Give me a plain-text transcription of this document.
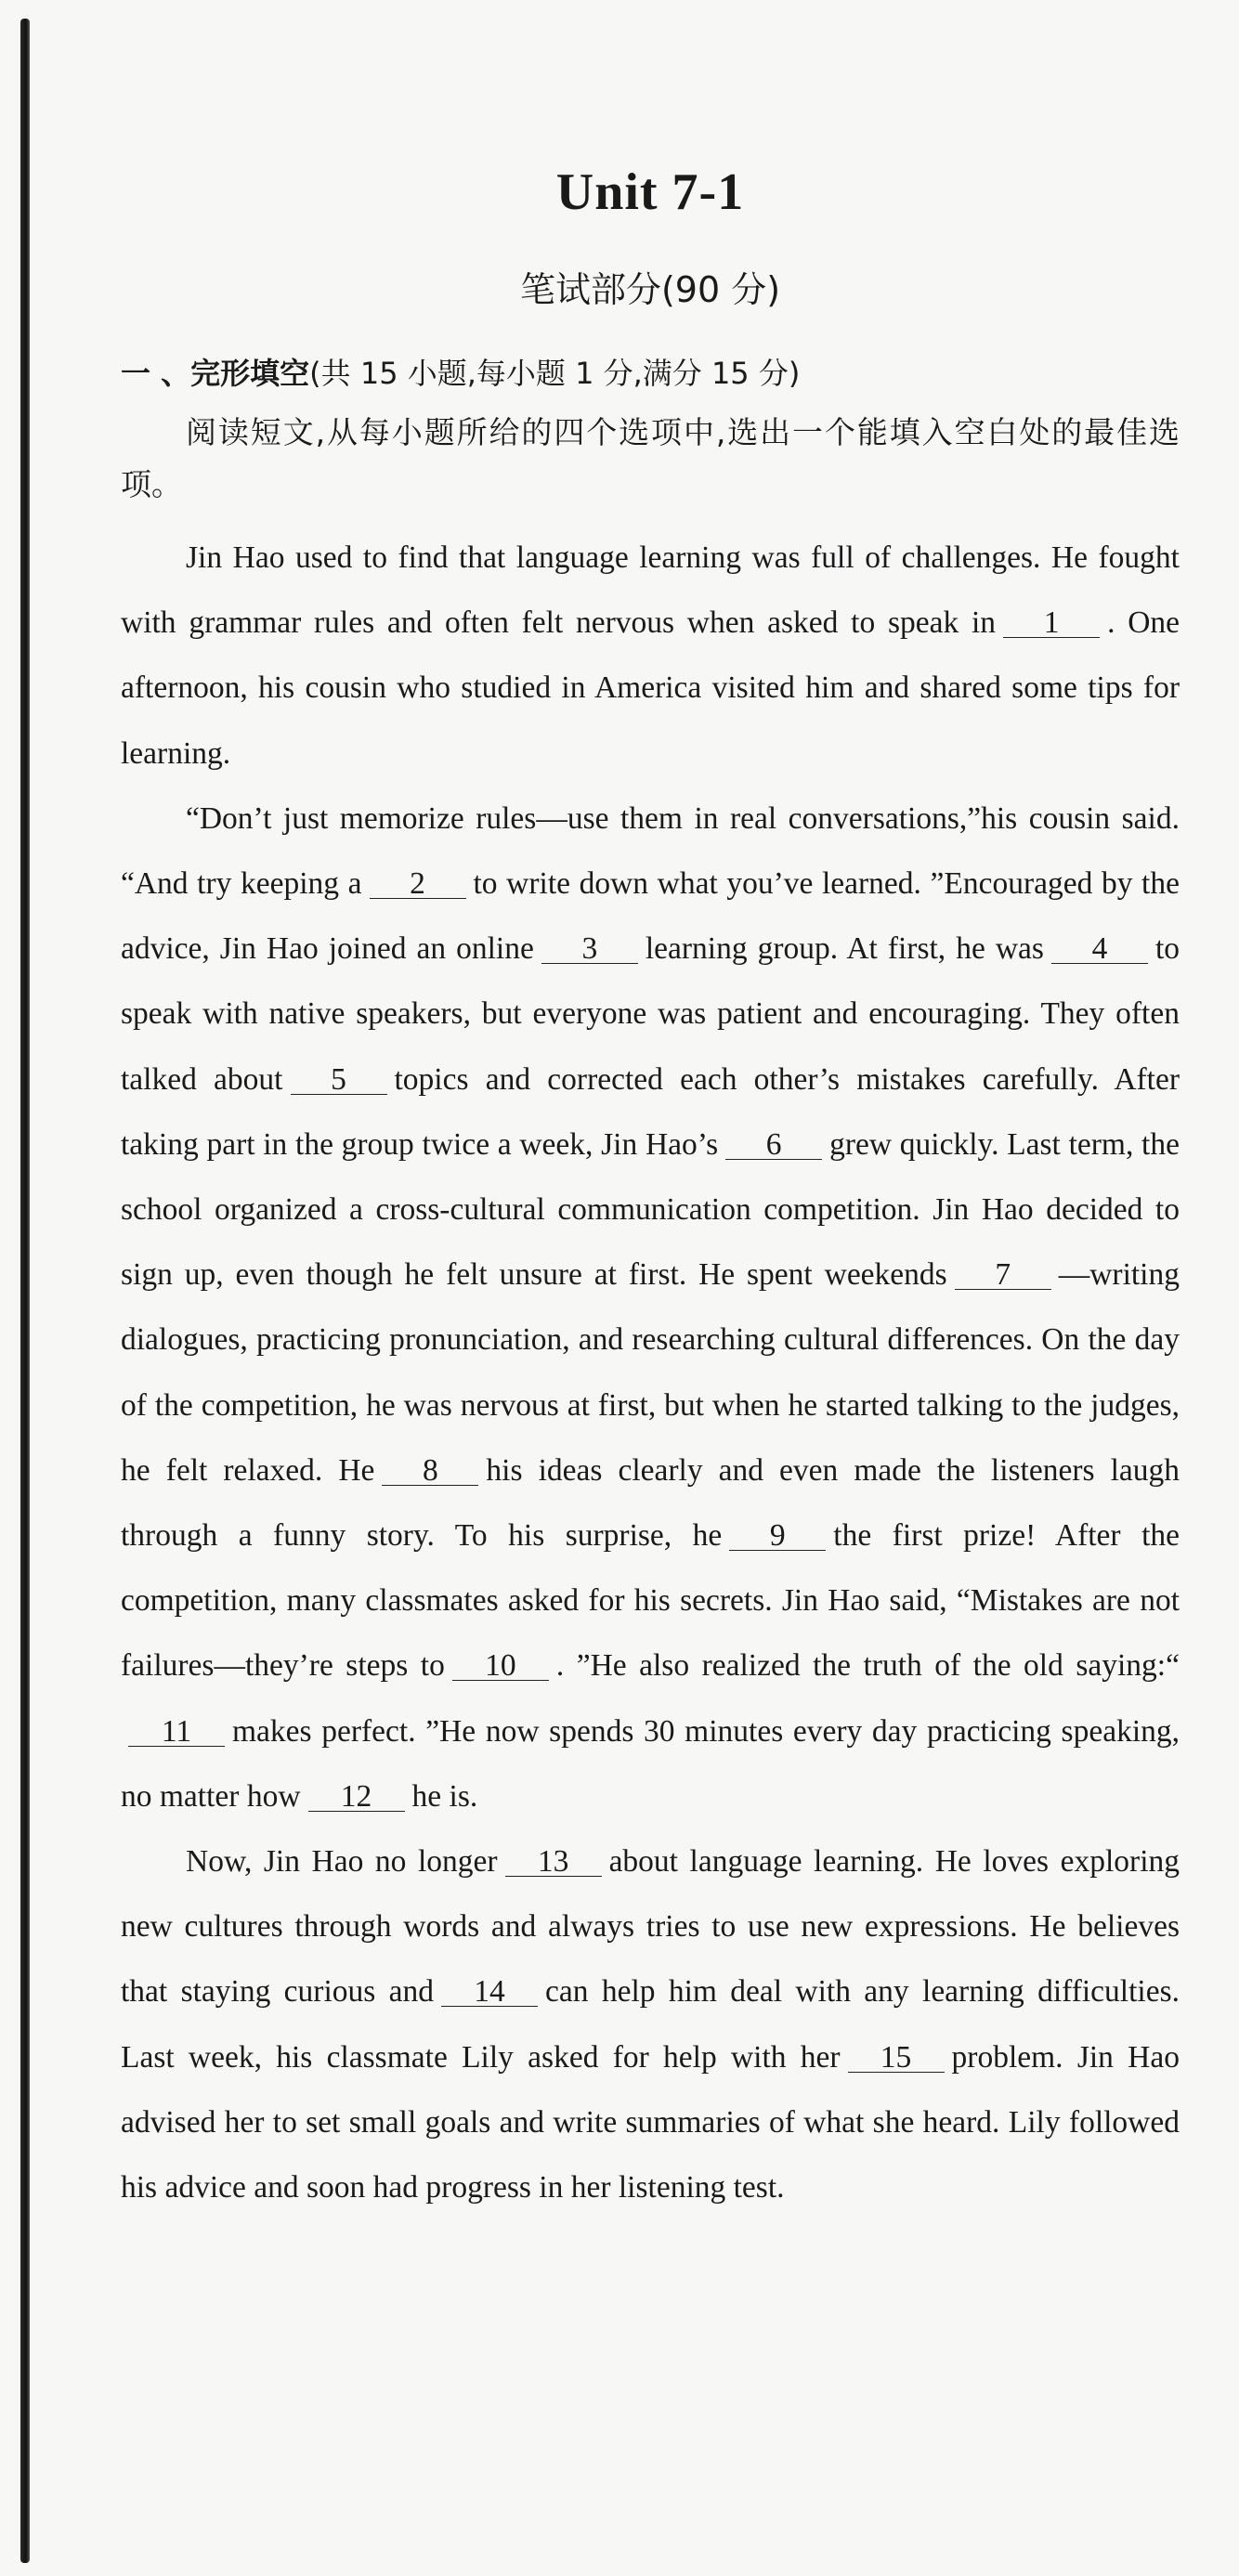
Unit 7-1
笔试部分(90 分)
一 、完形填空(共 15 小题,每小题 1 分,满分 15 分)

阅读短文,从每小题所给的四个选项中,选出一个能填入空白处的最佳选项。

Jin Hao used to find that language learning was full of challenges. He fought with grammar rules and often felt nervous when asked to speak in 1 . One afternoon, his cousin who studied in America visited him and shared some tips for learning.

“Don’t just memorize rules—use them in real conversations,”his cousin said. “And try keeping a 2 to write down what you’ve learned. ”Encouraged by the advice, Jin Hao joined an online 3 learning group. At first, he was 4 to speak with native speakers, but everyone was patient and encouraging. They often talked about 5 topics and corrected each other’s mistakes carefully. After taking part in the group twice a week, Jin Hao’s 6 grew quickly. Last term, the school organized a cross-cultural communication competition. Jin Hao decided to sign up, even though he felt unsure at first. He spent weekends 7 —writing dialogues, practicing pronunciation, and researching cultural differences. On the day of the competition, he was nervous at first, but when he started talking to the judges, he felt relaxed. He 8 his ideas clearly and even made the listeners laugh through a funny story. To his surprise, he 9 the first prize! After the competition, many classmates asked for his secrets. Jin Hao said, “Mistakes are not failures—they’re steps to 10 . ”He also realized the truth of the old saying:“11 makes perfect. ”He now spends 30 minutes every day practicing speaking, no matter how 12 he is.

Now, Jin Hao no longer 13 about language learning. He loves exploring new cultures through words and always tries to use new expressions. He believes that staying curious and 14 can help him deal with any learning difficulties. Last week, his classmate Lily asked for help with her 15 problem. Jin Hao advised her to set small goals and write summaries of what she heard. Lily followed his advice and soon had progress in her listening test.
